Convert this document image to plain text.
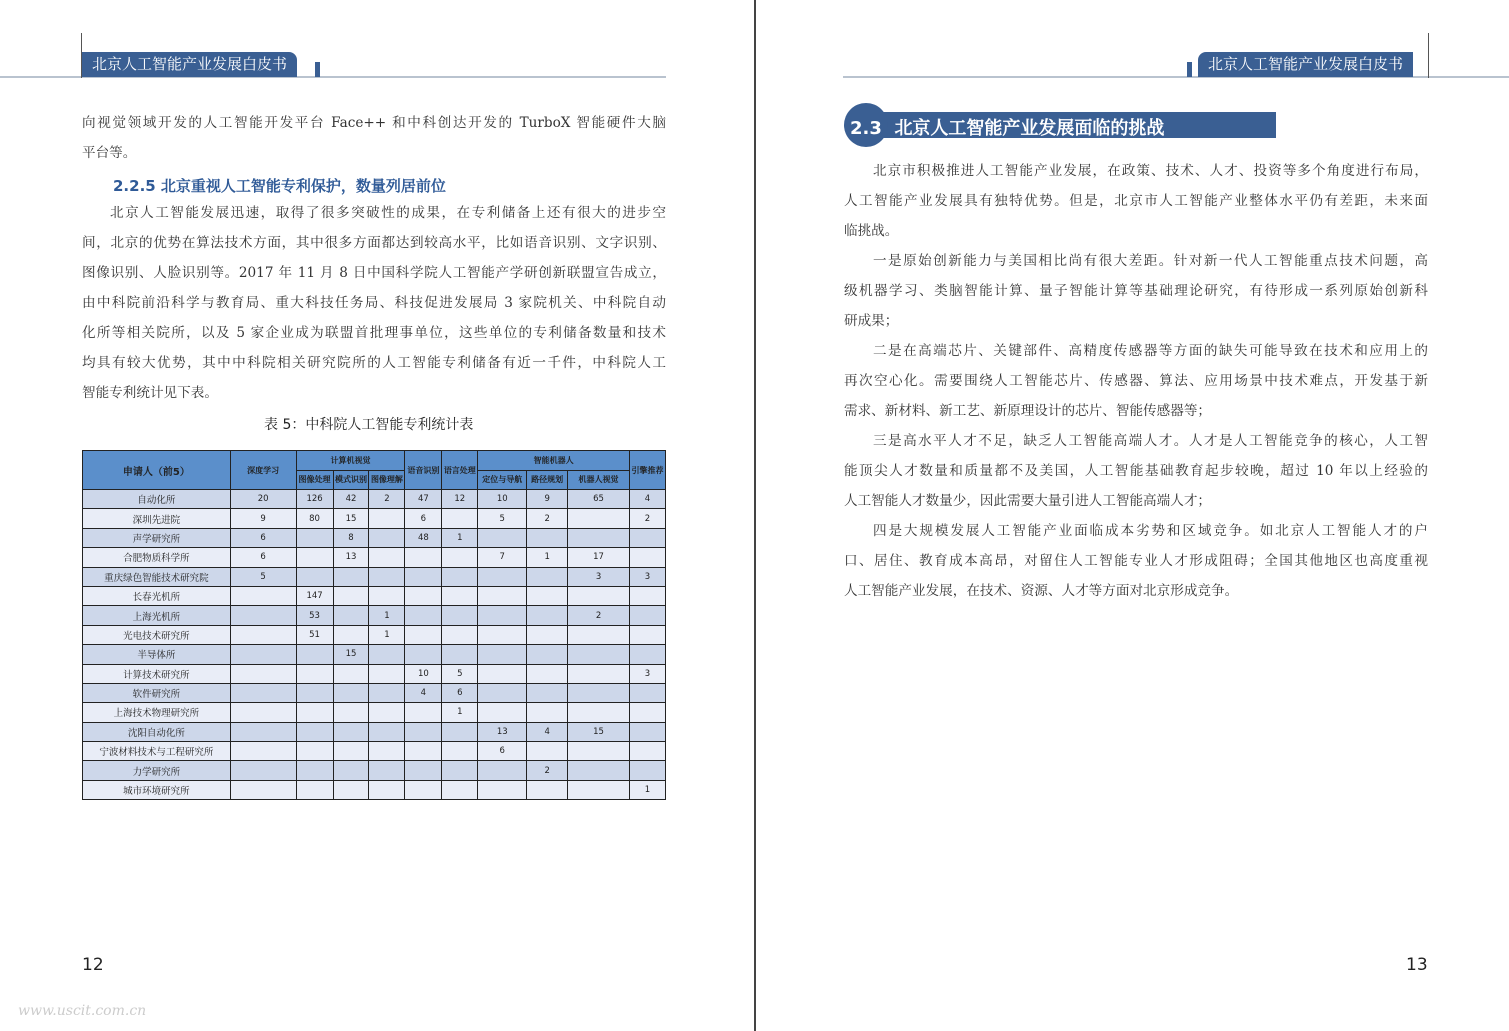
北京人工智能产业发展白皮书
向视觉领域开发的人工智能开发平台 Face++ 和中科创达开发的 TurboX 智能硬件大脑
平台等。
北京人工智能发展迅速，取得了很多突破性的成果，在专利储备上还有很大的进步空
间，北京的优势在算法技术方面，其中很多方面都达到较高水平，比如语音识别、文字识别、
图像识别、人脸识别等。2017 年 11 月 8 日中国科学院人工智能产学研创新联盟宣告成立，
由中科院前沿科学与教育局、重大科技任务局、科技促进发展局 3 家院机关、中科院自动
化所等相关院所，以及 5 家企业成为联盟首批理事单位，这些单位的专利储备数量和技术
均具有较大优势，其中中科院相关研究院所的人工智能专利储备有近一千件，中科院人工
智能专利统计见下表。
2.2.5 北京重视人工智能专利保护，数量列居前位
表 5：中科院人工智能专利统计表
申请人（前5）	深度学习	计算机视觉			语音识别	语言处理	智能机器人			引擎推荐
		图像处理	模式识别	图像理解			定位与导航	路径规划	机器人视觉	
自动化所	20	126	42	2	47	12	10	9	65	4
深圳先进院	9	80	15		6		5	2		2
声学研究所	6		8		48	1				
合肥物质科学所	6		13				7	1	17	
重庆绿色智能技术研究院	5								3	3
长春光机所		147								
上海光机所		53		1					2	
光电技术研究所		51		1						
半导体所			15							
计算技术研究所					10	5				3
软件研究所					4	6				
上海技术物理研究所						1				
沈阳自动化所							13	4	15	
宁波材料技术与工程研究所							6			
力学研究所								2		
城市环境研究所										1
12
www.uscit.com.cn
北京人工智能产业发展白皮书
2.3 北京人工智能产业发展面临的挑战
北京市积极推进人工智能产业发展，在政策、技术、人才、投资等多个角度进行布局，
人工智能产业发展具有独特优势。但是，北京市人工智能产业整体水平仍有差距，未来面
临挑战。
一是原始创新能力与美国相比尚有很大差距。针对新一代人工智能重点技术问题，高
级机器学习、类脑智能计算、量子智能计算等基础理论研究，有待形成一系列原始创新科
研成果；
二是在高端芯片、关键部件、高精度传感器等方面的缺失可能导致在技术和应用上的
再次空心化。需要围绕人工智能芯片、传感器、算法、应用场景中技术难点，开发基于新
需求、新材料、新工艺、新原理设计的芯片、智能传感器等；
三是高水平人才不足，缺乏人工智能高端人才。人才是人工智能竞争的核心，人工智
能顶尖人才数量和质量都不及美国，人工智能基础教育起步较晚，超过 10 年以上经验的
人工智能人才数量少，因此需要大量引进人工智能高端人才；
四是大规模发展人工智能产业面临成本劣势和区域竞争。如北京人工智能人才的户
口、居住、教育成本高昂，对留住人工智能专业人才形成阻碍；全国其他地区也高度重视
人工智能产业发展，在技术、资源、人才等方面对北京形成竞争。
13
